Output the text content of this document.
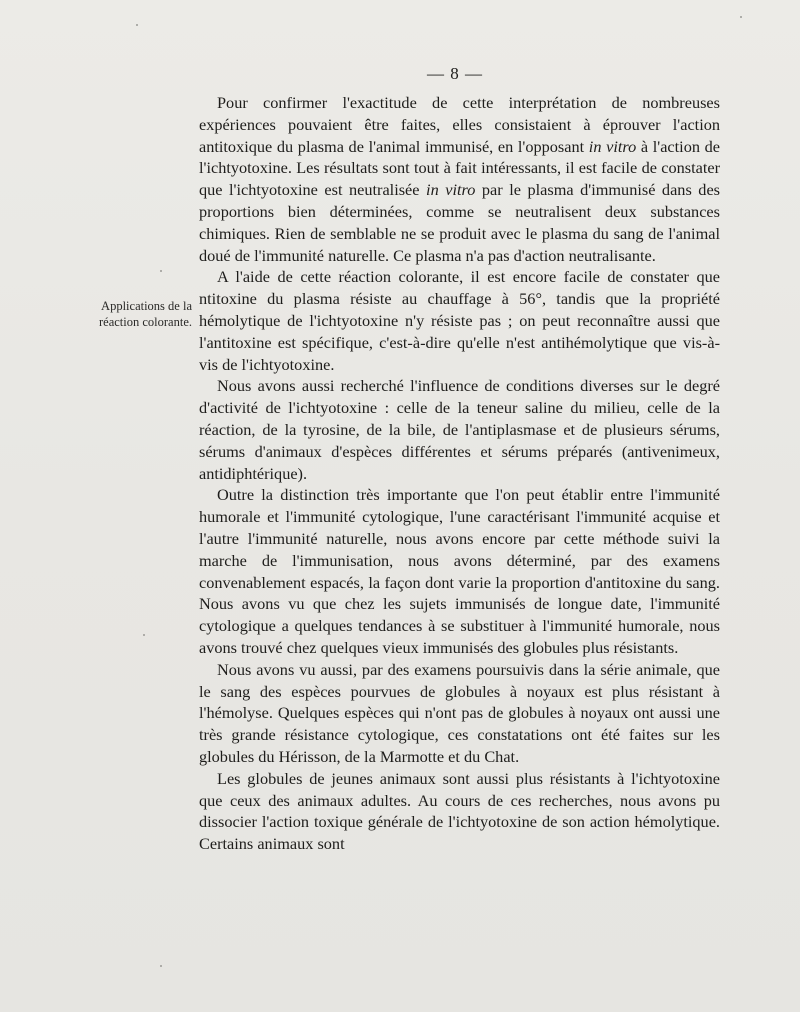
— 8 —
Applications de la
réaction colorante.

Pour confirmer l'exactitude de cette interprétation de nombreuses expériences pouvaient être faites, elles consistaient à éprouver l'action antitoxique du plasma de l'animal immunisé, en l'opposant in vitro à l'action de l'ichtyotoxine. Les résultats sont tout à fait intéressants, il est facile de constater que l'ichtyotoxine est neutralisée in vitro par le plasma d'immunisé dans des proportions bien déterminées, comme se neutralisent deux substances chimiques. Rien de semblable ne se produit avec le plasma du sang de l'animal doué de l'immunité naturelle. Ce plasma n'a pas d'action neutralisante.

A l'aide de cette réaction colorante, il est encore facile de constater que ntitoxine du plasma résiste au chauffage à 56°, tandis que la propriété hémolytique de l'ichtyotoxine n'y résiste pas ; on peut reconnaître aussi que l'antitoxine est spécifique, c'est-à-dire qu'elle n'est antihémolytique que vis-à-vis de l'ichtyotoxine.

Nous avons aussi recherché l'influence de conditions diverses sur le degré d'activité de l'ichtyotoxine : celle de la teneur saline du milieu, celle de la réaction, de la tyrosine, de la bile, de l'antiplasmase et de plusieurs sérums, sérums d'animaux d'espèces différentes et sérums préparés (antivenimeux, antidiphtérique).

Outre la distinction très importante que l'on peut établir entre l'immunité humorale et l'immunité cytologique, l'une caractérisant l'immunité acquise et l'autre l'immunité naturelle, nous avons encore par cette méthode suivi la marche de l'immunisation, nous avons déterminé, par des examens convenablement espacés, la façon dont varie la proportion d'antitoxine du sang. Nous avons vu que chez les sujets immunisés de longue date, l'immunité cytologique a quelques tendances à se substituer à l'immunité humorale, nous avons trouvé chez quelques vieux immunisés des globules plus résistants.

Nous avons vu aussi, par des examens poursuivis dans la série animale, que le sang des espèces pourvues de globules à noyaux est plus résistant à l'hémolyse. Quelques espèces qui n'ont pas de globules à noyaux ont aussi une très grande résistance cytologique, ces constatations ont été faites sur les globules du Hérisson, de la Marmotte et du Chat.

Les globules de jeunes animaux sont aussi plus résistants à l'ichtyotoxine que ceux des animaux adultes. Au cours de ces recherches, nous avons pu dissocier l'action toxique générale de l'ichtyotoxine de son action hémolytique. Certains animaux sont
